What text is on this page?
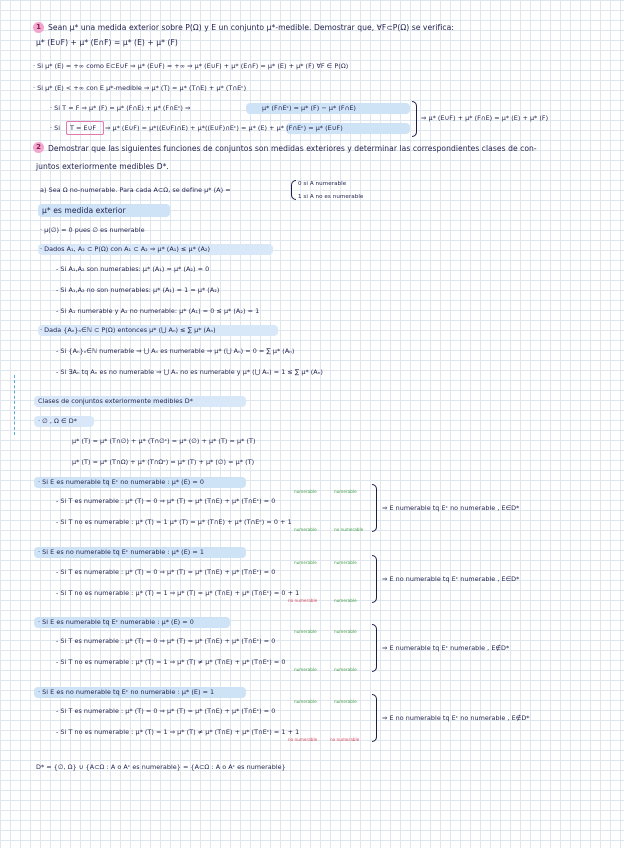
1 Sean μ* una medida exterior sobre P(Ω) y E un conjunto μ*-medible. Demostrar que, ∀F⊂P(Ω) se verifica:
μ* (E∪F) + μ* (E∩F) = μ* (E) + μ* (F)
· Si μ* (E) = +∞ como E⊂E∪F ⇒ μ* (E∪F) = +∞ ⇒ μ* (E∪F) + μ* (E∩F) = μ* (E) + μ* (F) ∀F ∈ P(Ω)
· Si μ* (E) < +∞ con E μ*-medible ⇒ μ* (T) = μ* (T∩E) + μ* (T∩Eᶜ)
· Si T = F ⇒ μ* (F) = μ* (F∩E) + μ* (F∩Eᶜ) ⇒	μ* (F∩Eᶜ) = μ* (F) − μ* (F∩E)
· Si T = E∪F ⇒ μ* (E∪F) = μ*((E∪F)∩E) + μ*((E∪F)∩Eᶜ) = μ* (E) + μ* (F∩Eᶜ) = μ* (E∪F)
⇒ μ* (E∪F) + μ* (F∩E) = μ* (E) + μ* (F)
2 Demostrar que las siguientes funciones de conjuntos son medidas exteriores y determinar las correspondientes clases de con-
juntos exteriormente medibles D*.
a) Sea Ω no-numerable. Para cada A⊂Ω, se define μ* (A) =
0 si A numerable
1 si A no es numerable
μ* es medida exterior
· μ(∅) = 0 pues ∅ es numerable
· Dados A₁, A₂ ⊂ P(Ω) con A₁ ⊂ A₂ ⇒ μ* (A₁) ≤ μ* (A₂)
- Si A₁,A₂ son numerables: μ* (A₁) = μ* (A₂) = 0
- Si A₁,A₂ no son numerables: μ* (A₁) = 1 = μ* (A₂)
- Si A₁ numerable y A₂ no numerable: μ* (A₁) = 0 ≤ μ* (A₂) = 1
· Dada {Aₙ}ₙ∈ℕ ⊂ P(Ω) entonces μ* (⋃ Aₙ) ≤ ∑ μ* (Aₙ)
- Si {Aₙ}ₙ∈ℕ numerable ⇒ ⋃ Aₙ es numerable ⇒ μ* (⋃ Aₙ) = 0 = ∑ μ* (Aₙ)
- Si ∃Aₙ tq Aₙ es no numerable ⇒ ⋃ Aₙ no es numerable y μ* (⋃ Aₙ) = 1 ≤ ∑ μ* (Aₙ)
Clases de conjuntos exteriormente medibles D*
· ∅ , Ω ∈ D*
μ* (T) = μ* (T∩∅) + μ* (T∩∅ᶜ) = μ* (∅) + μ* (T) = μ* (T)
μ* (T) = μ* (T∩Ω) + μ* (T∩Ωᶜ) = μ* (T) + μ* (∅) = μ* (T)
· Si E es numerable tq Eᶜ no numerable : μ* (E) = 0
numerable	numerable
- Si T es numerable : μ* (T) = 0 ⇒ μ* (T) = μ* (T∩E) + μ* (T∩Eᶜ) = 0
- Si T no es numerable : μ* (T) = 1 μ* (T) = μ* (T∩E) + μ* (T∩Eᶜ) = 0 + 1
numerable	no numerable
⇒ E numerable tq Eᶜ no numerable , E∈D*
· Si E es no numerable tq Eᶜ numerable : μ* (E) = 1
numerable	numerable
- Si T es numerable : μ* (T) = 0 ⇒ μ* (T) = μ* (T∩E) + μ* (T∩Eᶜ) = 0
- Si T no es numerable : μ* (T) = 1 ⇒ μ* (T) = μ* (T∩E) + μ* (T∩Eᶜ) = 0 + 1
no numerable	numerable
⇒ E no numerable tq Eᶜ numerable , E∈D*
· Si E es numerable tq Eᶜ numerable : μ* (E) = 0
numerable	numerable
- Si T es numerable : μ* (T) = 0 ⇒ μ* (T) = μ* (T∩E) + μ* (T∩Eᶜ) = 0
- Si T no es numerable : μ* (T) = 1 ⇒ μ* (T) ≠ μ* (T∩E) + μ* (T∩Eᶜ) = 0
numerable	numerable
⇒ E numerable tq Eᶜ numerable , E∉D*
· Si E es no numerable tq Eᶜ no numerable : μ* (E) = 1
numerable	numerable
- Si T es numerable : μ* (T) = 0 ⇒ μ* (T) = μ* (T∩E) + μ* (T∩Eᶜ) = 0
- Si T no es numerable : μ* (T) = 1 ⇒ μ* (T) ≠ μ* (T∩E) + μ* (T∩Eᶜ) = 1 + 1
no numerable	no numerable
⇒ E no numerable tq Eᶜ no numerable , E∉D*
D* = {∅, Ω} ∪ {A⊂Ω : A o Aᶜ es numerable} = {A⊂Ω : A o Aᶜ es numerable}
